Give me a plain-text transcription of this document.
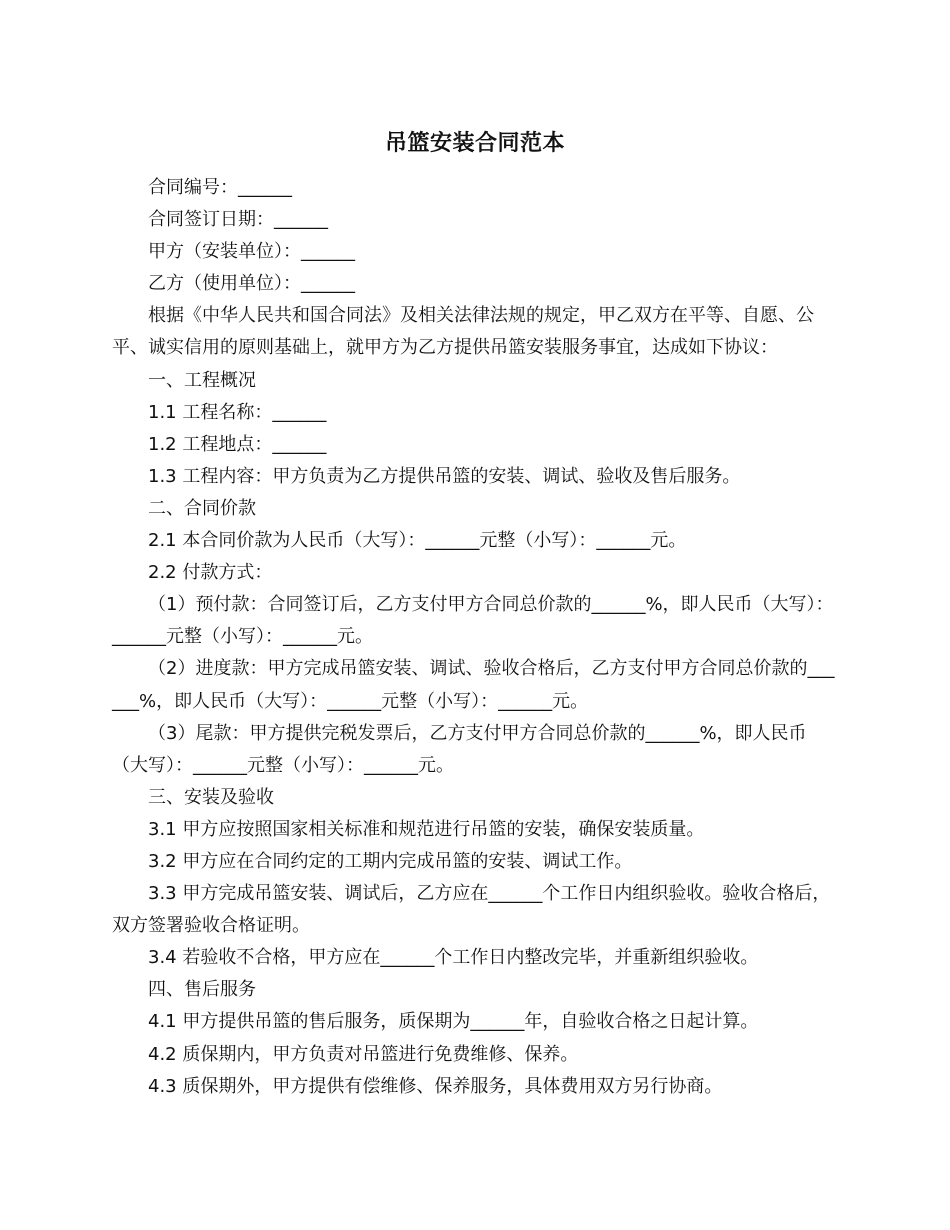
吊篮安装合同范本

合同编号：______

合同签订日期：______

甲方（安装单位）：______

乙方（使用单位）：______

根据《中华人民共和国合同法》及相关法律法规的规定，甲乙双方在平等、自愿、公平、诚实信用的原则基础上，就甲方为乙方提供吊篮安装服务事宜，达成如下协议：

一、工程概况

1.1 工程名称：______

1.2 工程地点：______

1.3 工程内容：甲方负责为乙方提供吊篮的安装、调试、验收及售后服务。

二、合同价款

2.1 本合同价款为人民币（大写）：______元整（小写）：______元。

2.2 付款方式：

（1）预付款：合同签订后，乙方支付甲方合同总价款的______%，即人民币（大写）：______元整（小写）：______元。

（2）进度款：甲方完成吊篮安装、调试、验收合格后，乙方支付甲方合同总价款的______%，即人民币（大写）：______元整（小写）：______元。

（3）尾款：甲方提供完税发票后，乙方支付甲方合同总价款的______%，即人民币（大写）：______元整（小写）：______元。

三、安装及验收

3.1 甲方应按照国家相关标准和规范进行吊篮的安装，确保安装质量。

3.2 甲方应在合同约定的工期内完成吊篮的安装、调试工作。

3.3 甲方完成吊篮安装、调试后，乙方应在______个工作日内组织验收。验收合格后，双方签署验收合格证明。

3.4 若验收不合格，甲方应在______个工作日内整改完毕，并重新组织验收。

四、售后服务

4.1 甲方提供吊篮的售后服务，质保期为______年，自验收合格之日起计算。

4.2 质保期内，甲方负责对吊篮进行免费维修、保养。

4.3 质保期外，甲方提供有偿维修、保养服务，具体费用双方另行协商。
